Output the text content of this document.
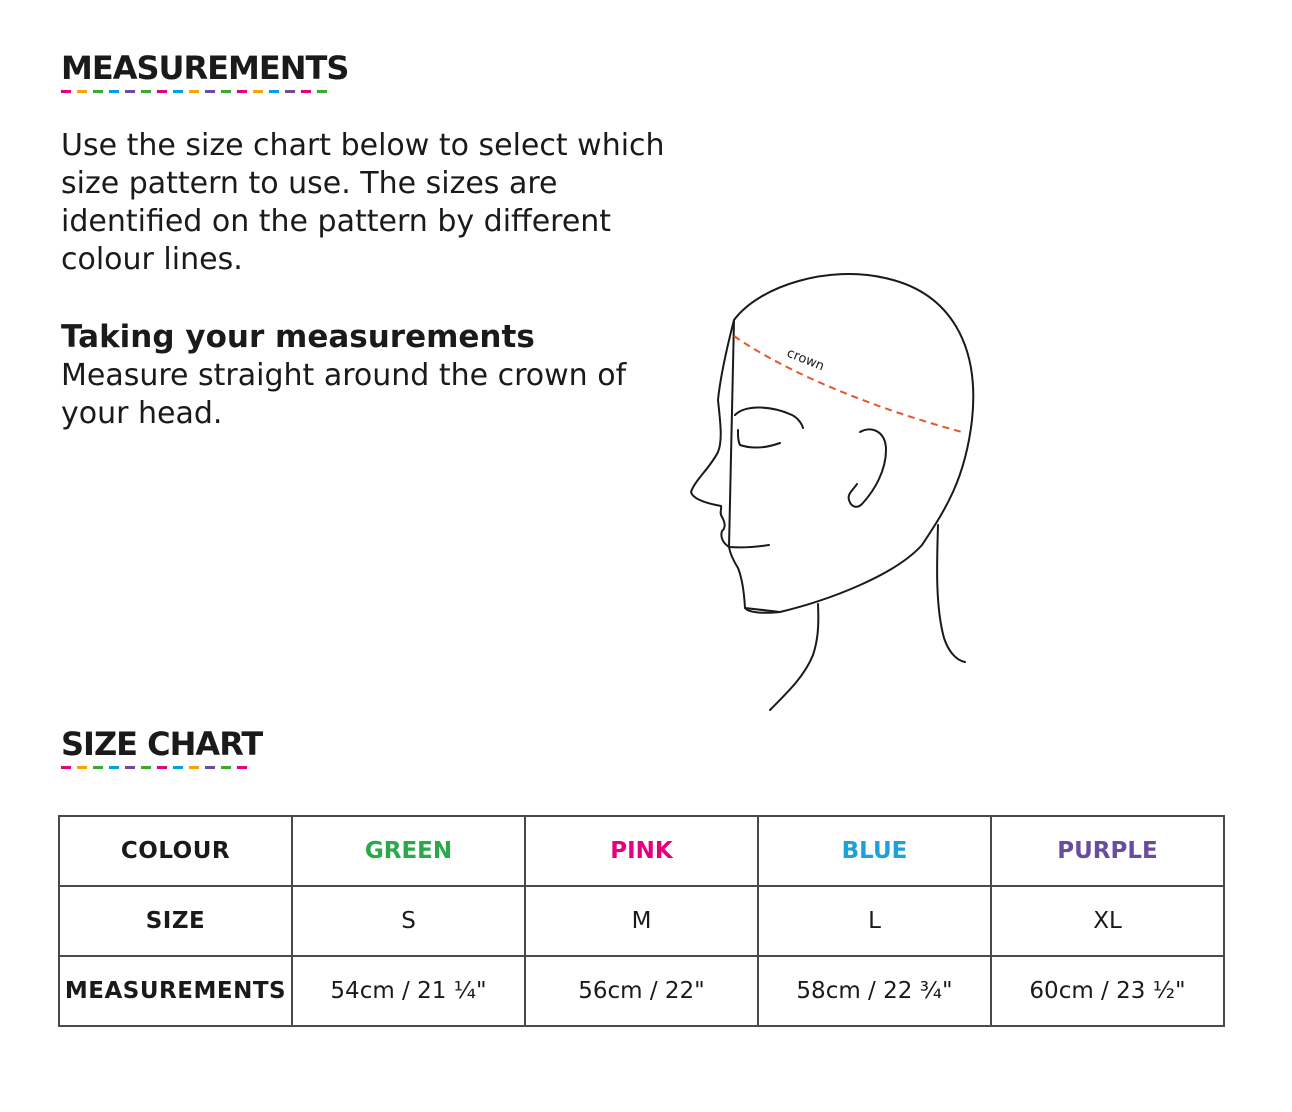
MEASUREMENTS

Use the size chart below to select which size pattern to use. The sizes are identified on the pattern by different colour lines.

Taking your measurements

Measure straight around the crown of your head.

crown
SIZE CHART
COLOUR	GREEN	PINK	BLUE	PURPLE
SIZE	S	M	L	XL
MEASUREMENTS	54cm / 21 ¼"	56cm / 22"	58cm / 22 ¾"	60cm / 23 ½"
